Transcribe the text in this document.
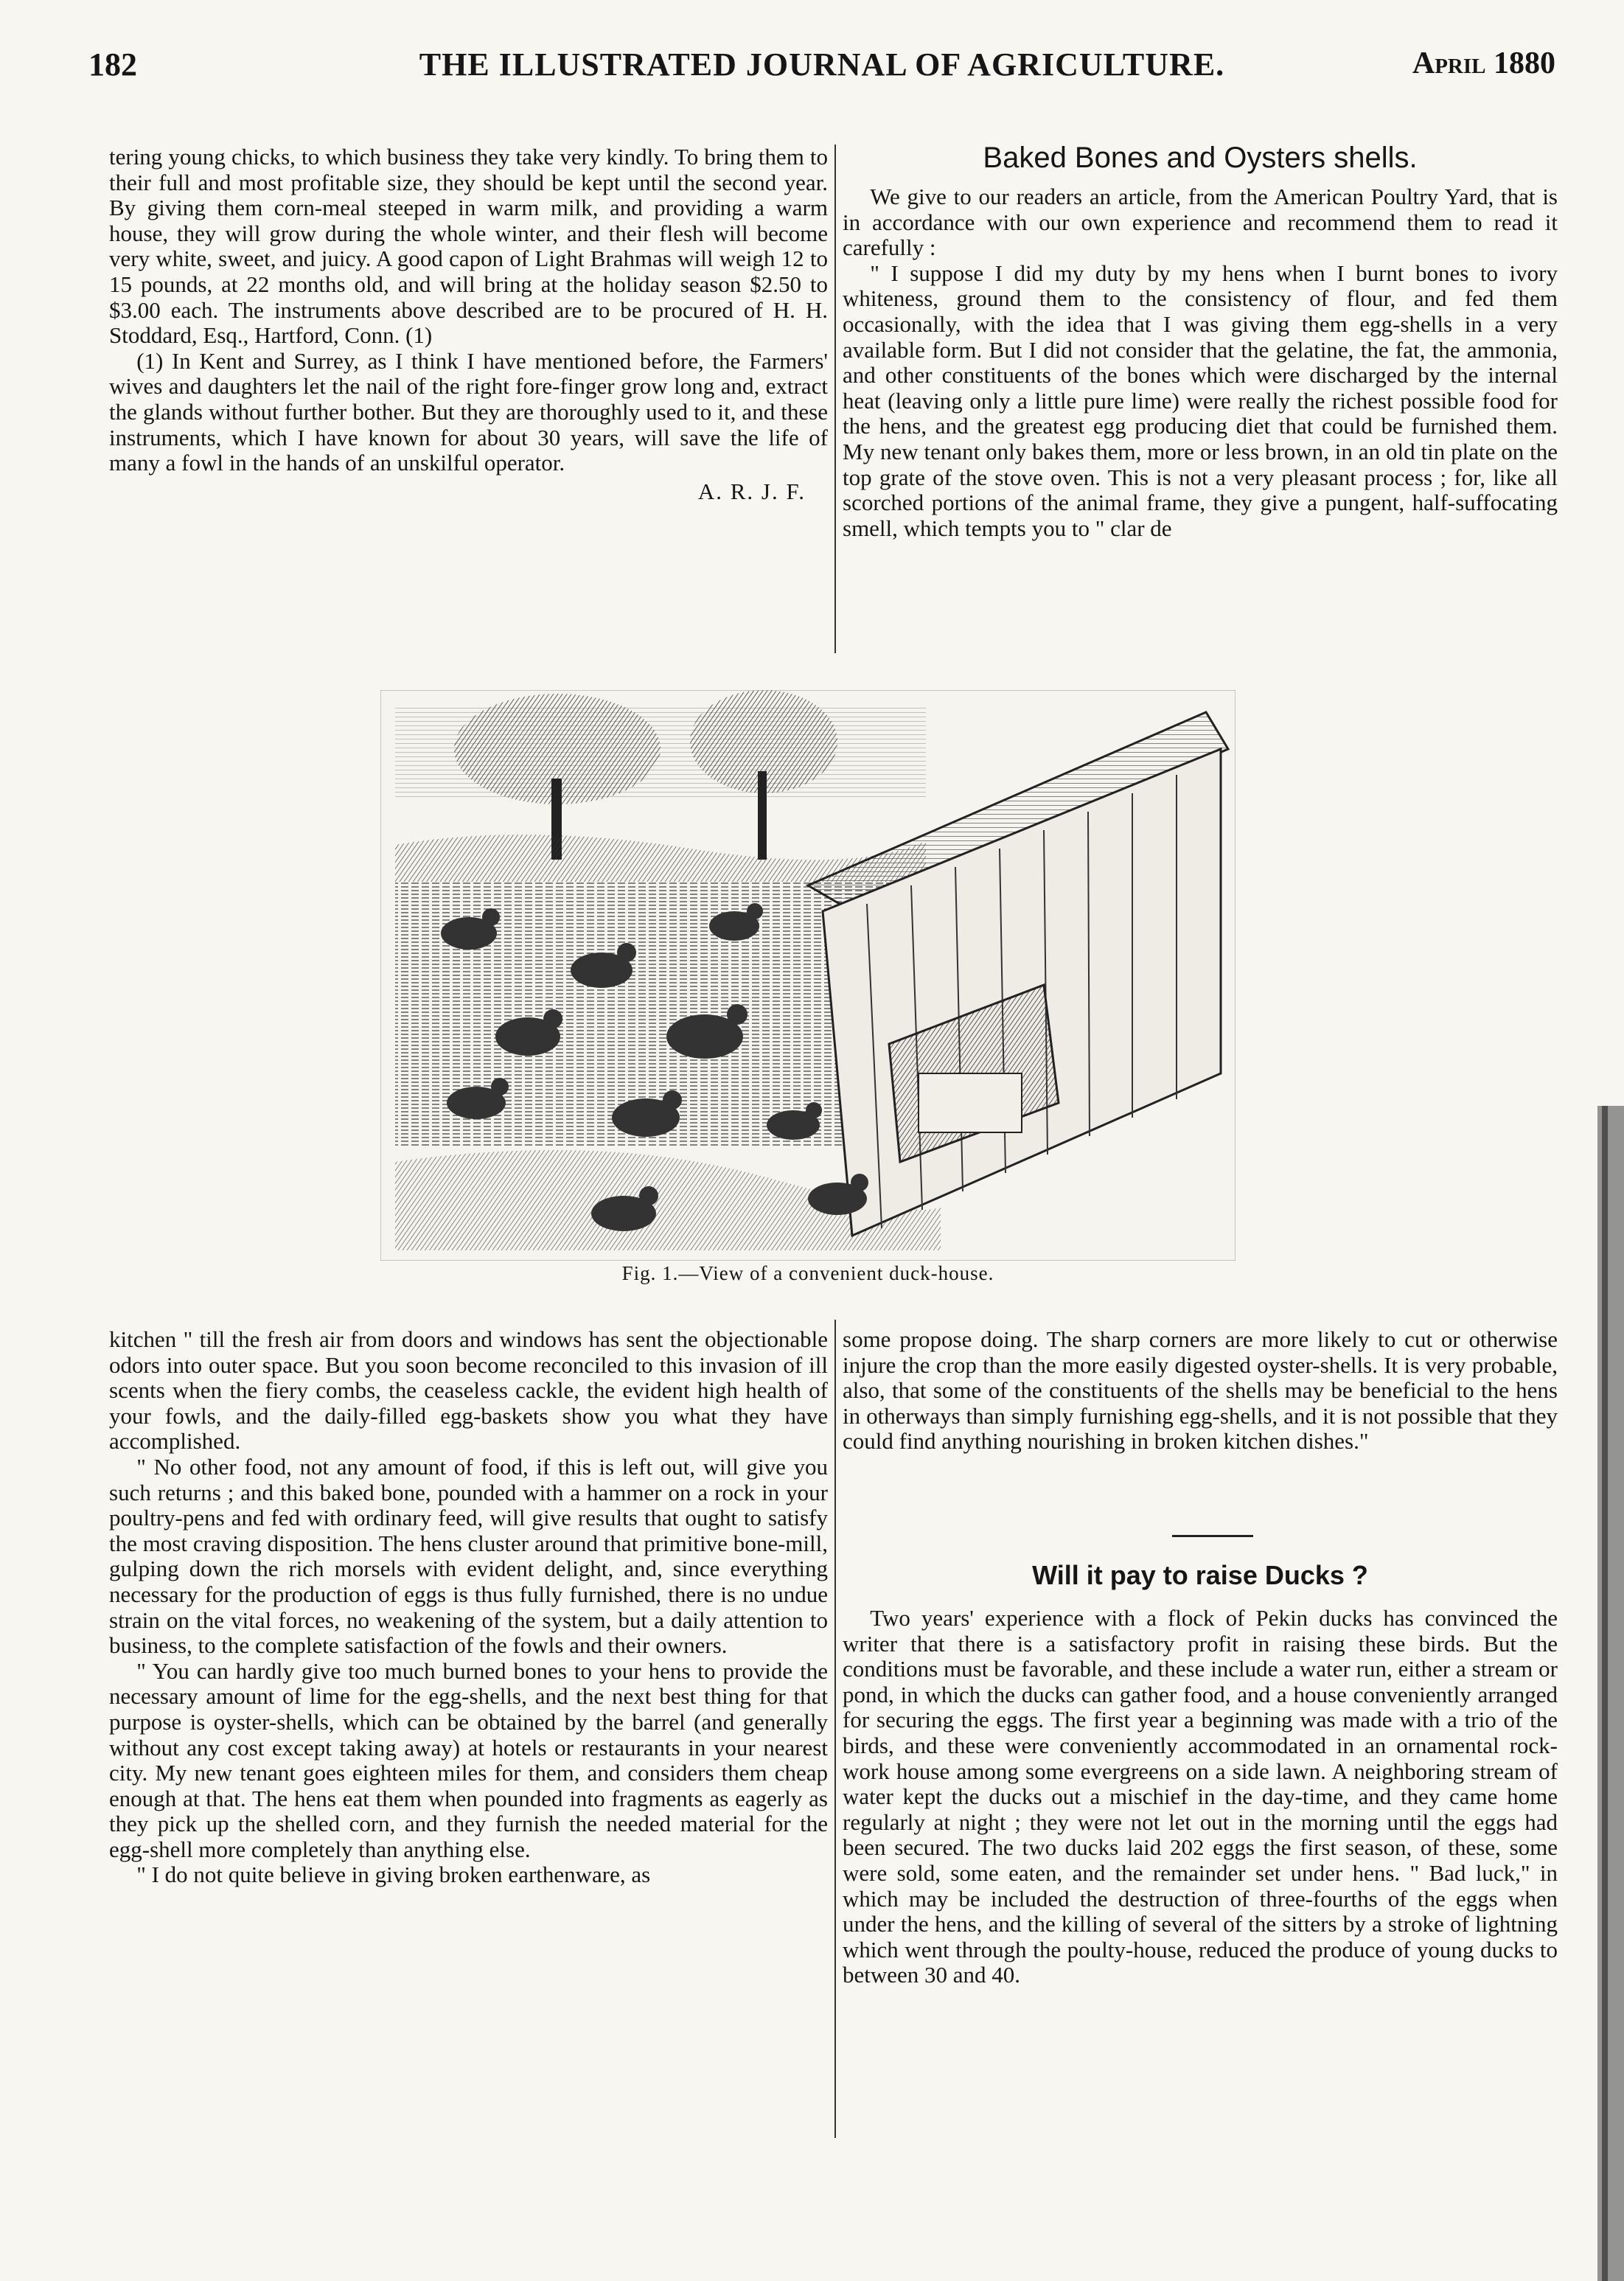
182	THE ILLUSTRATED JOURNAL OF AGRICULTURE.	April 1880

tering young chicks, to which business they take very kindly. To bring them to their full and most profitable size, they should be kept until the second year. By giving them corn-meal steeped in warm milk, and providing a warm house, they will grow during the whole winter, and their flesh will become very white, sweet, and juicy. A good capon of Light Brahmas will weigh 12 to 15 pounds, at 22 months old, and will bring at the holiday season $2.50 to $3.00 each. The instruments above described are to be procured of H. H. Stoddard, Esq., Hartford, Conn. (1)

(1) In Kent and Surrey, as I think I have mentioned before, the Farmers' wives and daughters let the nail of the right fore-finger grow long and, extract the glands without further bother. But they are thoroughly used to it, and these instruments, which I have known for about 30 years, will save the life of many a fowl in the hands of an unskilful operator.

A. R. J. F.
Baked Bones and Oysters shells.

We give to our readers an article, from the American Poultry Yard, that is in accordance with our own experience and recommend them to read it carefully :

" I suppose I did my duty by my hens when I burnt bones to ivory whiteness, ground them to the consistency of flour, and fed them occasionally, with the idea that I was giving them egg-shells in a very available form. But I did not consider that the gelatine, the fat, the ammonia, and other constituents of the bones which were discharged by the internal heat (leaving only a little pure lime) were really the richest possible food for the hens, and the greatest egg producing diet that could be furnished them. My new tenant only bakes them, more or less brown, in an old tin plate on the top grate of the stove oven. This is not a very pleasant process ; for, like all scorched portions of the animal frame, they give a pungent, half-suffocating smell, which tempts you to " clar de

Fig. 1.—View of a convenient duck-house.

kitchen " till the fresh air from doors and windows has sent the objectionable odors into outer space. But you soon become reconciled to this invasion of ill scents when the fiery combs, the ceaseless cackle, the evident high health of your fowls, and the daily-filled egg-baskets show you what they have accomplished.

" No other food, not any amount of food, if this is left out, will give you such returns ; and this baked bone, pounded with a hammer on a rock in your poultry-pens and fed with ordinary feed, will give results that ought to satisfy the most craving disposition. The hens cluster around that primitive bone-mill, gulping down the rich morsels with evident delight, and, since everything necessary for the production of eggs is thus fully furnished, there is no undue strain on the vital forces, no weakening of the system, but a daily attention to business, to the complete satisfaction of the fowls and their owners.

" You can hardly give too much burned bones to your hens to provide the necessary amount of lime for the egg-shells, and the next best thing for that purpose is oyster-shells, which can be obtained by the barrel (and generally without any cost except taking away) at hotels or restaurants in your nearest city. My new tenant goes eighteen miles for them, and considers them cheap enough at that. The hens eat them when pounded into fragments as eagerly as they pick up the shelled corn, and they furnish the needed material for the egg-shell more completely than anything else.

" I do not quite believe in giving broken earthenware, as

some propose doing. The sharp corners are more likely to cut or otherwise injure the crop than the more easily digested oyster-shells. It is very probable, also, that some of the constituents of the shells may be beneficial to the hens in otherways than simply furnishing egg-shells, and it is not possible that they could find anything nourishing in broken kitchen dishes."

Will it pay to raise Ducks ?

Two years' experience with a flock of Pekin ducks has convinced the writer that there is a satisfactory profit in raising these birds. But the conditions must be favorable, and these include a water run, either a stream or pond, in which the ducks can gather food, and a house conveniently arranged for securing the eggs. The first year a beginning was made with a trio of the birds, and these were conveniently accommodated in an ornamental rock-work house among some evergreens on a side lawn. A neighboring stream of water kept the ducks out a mischief in the day-time, and they came home regularly at night ; they were not let out in the morning until the eggs had been secured. The two ducks laid 202 eggs the first season, of these, some were sold, some eaten, and the remainder set under hens. " Bad luck," in which may be included the destruction of three-fourths of the eggs when under the hens, and the killing of several of the sitters by a stroke of lightning which went through the poulty-house, reduced the produce of young ducks to between 30 and 40.
